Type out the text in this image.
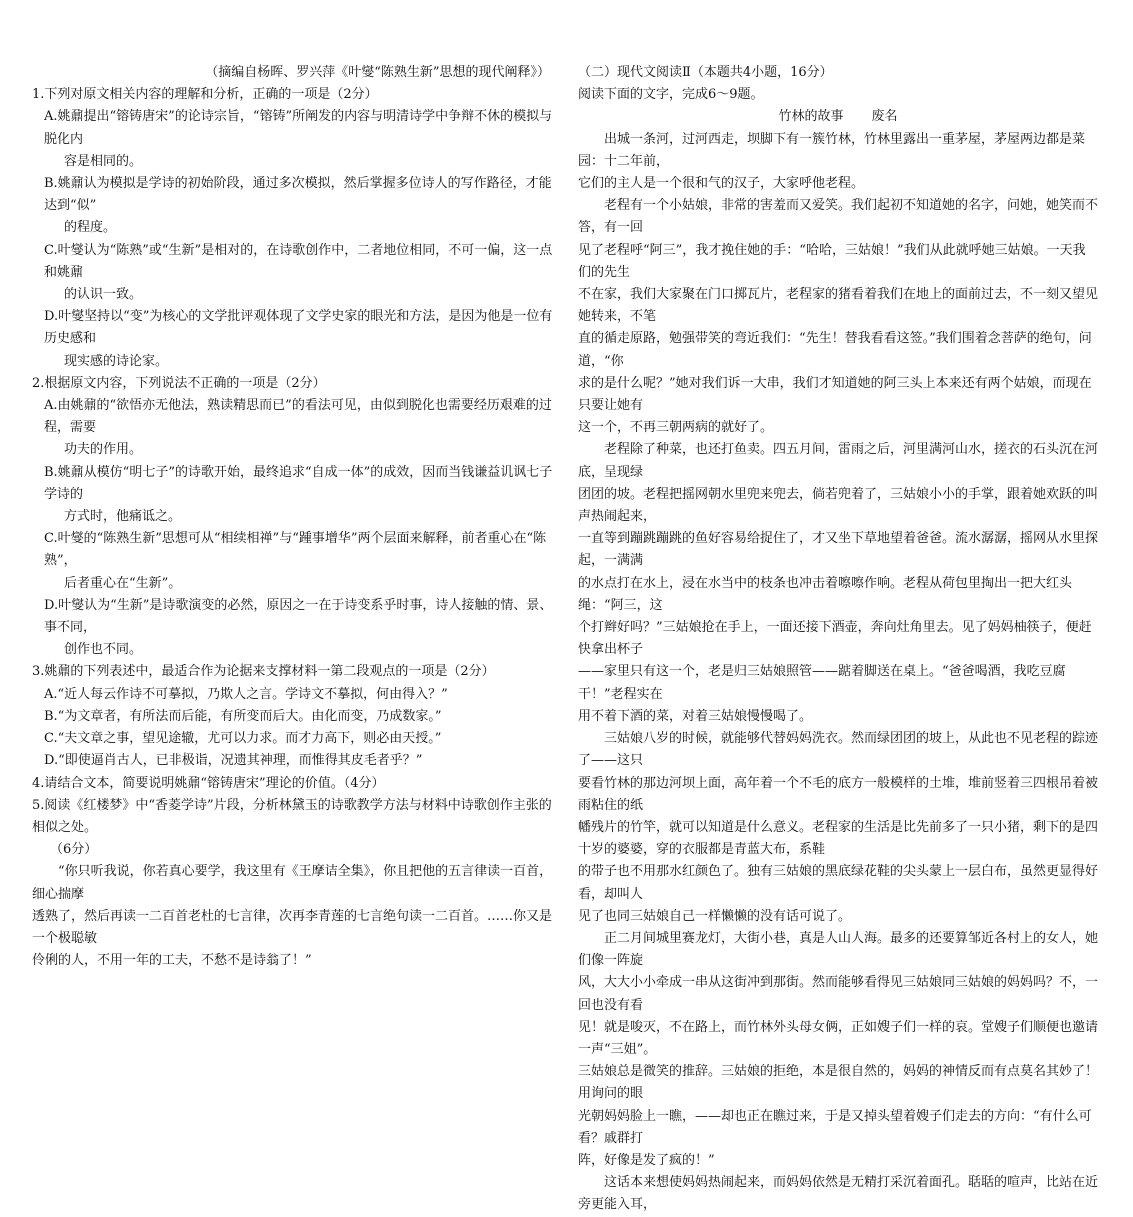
（摘编自杨晖、罗兴萍《叶燮“陈熟生新”思想的现代阐释》）

1.下列对原文相关内容的理解和分析，正确的一项是（2分）

A.姚鼐提出“镕铸唐宋”的论诗宗旨，“镕铸”所阐发的内容与明清诗学中争辩不休的模拟与脱化内

容是相同的。

B.姚鼐认为模拟是学诗的初始阶段，通过多次模拟，然后掌握多位诗人的写作路径，才能达到“似”

的程度。

C.叶燮认为“陈熟”或“生新”是相对的，在诗歌创作中，二者地位相同，不可一偏，这一点和姚鼐

的认识一致。

D.叶燮坚持以“变”为核心的文学批评观体现了文学史家的眼光和方法，是因为他是一位有历史感和

现实感的诗论家。

2.根据原文内容，下列说法不正确的一项是（2分）

A.由姚鼐的“欲悟亦无他法，熟读精思而已”的看法可见，由似到脱化也需要经历艰难的过程，需要

功夫的作用。

B.姚鼐从模仿“明七子”的诗歌开始，最终追求“自成一体”的成效，因而当钱谦益讥讽七子学诗的

方式时，他痛诋之。

C.叶燮的“陈熟生新”思想可从“相续相禅”与“踵事增华”两个层面来解释，前者重心在“陈熟”，

后者重心在“生新”。

D.叶燮认为“生新”是诗歌演变的必然，原因之一在于诗变系乎时事，诗人接触的情、景、事不同，

创作也不同。

3.姚鼐的下列表述中，最适合作为论据来支撑材料一第二段观点的一项是（2分）

A.“近人每云作诗不可摹拟，乃欺人之言。学诗文不摹拟，何由得入？”

B.“为文章者，有所法而后能，有所变而后大。由化而变，乃成数家。”

C.“夫文章之事，望见途辙，尤可以力求。而才力高下，则必由天授。”

D.“即使逼肖古人，已非极诣，况遗其神理，而惟得其皮毛者乎？”

4.请结合文本，简要说明姚鼐“镕铸唐宋”理论的价值。（4分）

5.阅读《红楼梦》中“香菱学诗”片段，分析林黛玉的诗歌教学方法与材料中诗歌创作主张的相似之处。

（6分）

“你只听我说，你若真心要学，我这里有《王摩诘全集》，你且把他的五言律读一百首，细心揣摩

透熟了，然后再读一二百首老杜的七言律，次再李青莲的七言绝句读一二百首。……你又是一个极聪敏

伶俐的人，不用一年的工夫，不愁不是诗翁了！”

（二）现代文阅读Ⅱ（本题共4小题，16分）

阅读下面的文字，完成6～9题。

竹林的故事 废名

出城一条河，过河西走，坝脚下有一簇竹林，竹林里露出一重茅屋，茅屋两边都是菜园：十二年前，

它们的主人是一个很和气的汉子，大家呼他老程。

老程有一个小姑娘，非常的害羞而又爱笑。我们起初不知道她的名字，问她，她笑而不答，有一回

见了老程呼“阿三”，我才挽住她的手：“哈哈，三姑娘！”我们从此就呼她三姑娘。一天我们的先生

不在家，我们大家聚在门口掷瓦片，老程家的猪看着我们在地上的面前过去，不一刻又望见她转来，不笔

直的循走原路，勉强带笑的弯近我们：“先生！替我看看这签。”我们围着念菩萨的绝句，问道，“你

求的是什么呢？”她对我们诉一大串，我们才知道她的阿三头上本来还有两个姑娘，而现在只要让她有

这一个，不再三朝两病的就好了。

老程除了种菜，也还打鱼卖。四五月间，雷雨之后，河里满河山水，搓衣的石头沉在河底，呈现绿

团团的坡。老程把摇网朝水里兜来兜去，倘若兜着了，三姑娘小小的手掌，跟着她欢跃的叫声热闹起来，

一直等到蹦跳蹦跳的鱼好容易给捉住了，才又坐下草地望着爸爸。流水潺潺，摇网从水里探起，一满满

的水点打在水上，浸在水当中的枝条也冲击着嚓嚓作响。老程从荷包里掏出一把大红头绳：“阿三，这

个打辫好吗？”三姑娘抢在手上，一面还接下酒壶，奔向灶角里去。见了妈妈柚筷子，便赶快拿出杯子

——家里只有这一个，老是归三姑娘照管——踮着脚送在桌上。“爸爸喝酒，我吃豆腐干！”老程实在

用不着下酒的菜，对着三姑娘慢慢喝了。

三姑娘八岁的时候，就能够代替妈妈洗衣。然而绿团团的坡上，从此也不见老程的踪迹了——这只

要看竹林的那边河坝上面，高年着一个不毛的底方一般模样的土堆，堆前竖着三四根吊着被雨粘住的纸

幡残片的竹竿，就可以知道是什么意义。老程家的生活是比先前多了一只小猪，剩下的是四十岁的婆婆，穿的衣服都是青蓝大布，系鞋

的带子也不用那水红颜色了。独有三姑娘的黑底绿花鞋的尖头蒙上一层白布，虽然更显得好看，却叫人

见了也同三姑娘自己一样懒懒的没有话可说了。

正二月间城里赛龙灯，大街小巷，真是人山人海。最多的还要算邹近各村上的女人，她们像一阵旋

风，大大小小牵成一串从这街冲到那街。然而能够看得见三姑娘同三姑娘的妈妈吗？不，一回也没有看

见！就是唆灭，不在路上，而竹林外头母女俩，正如嫂子们一样的哀。堂嫂子们顺便也邀请一声“三姐”。

三姑娘总是微笑的推辞。三姑娘的拒绝，本是很自然的，妈妈的神情反而有点莫名其妙了！用询问的眼

光朝妈妈脸上一瞧，——却也正在瞧过来，于是又掉头望着嫂子们走去的方向：“有什么可看？戚群打

阵，好像是发了疯的！”

这话本来想使妈妈热闹起来，而妈妈依然是无精打采沉着面孔。聒聒的喧声，比站在近旁更能入耳，
